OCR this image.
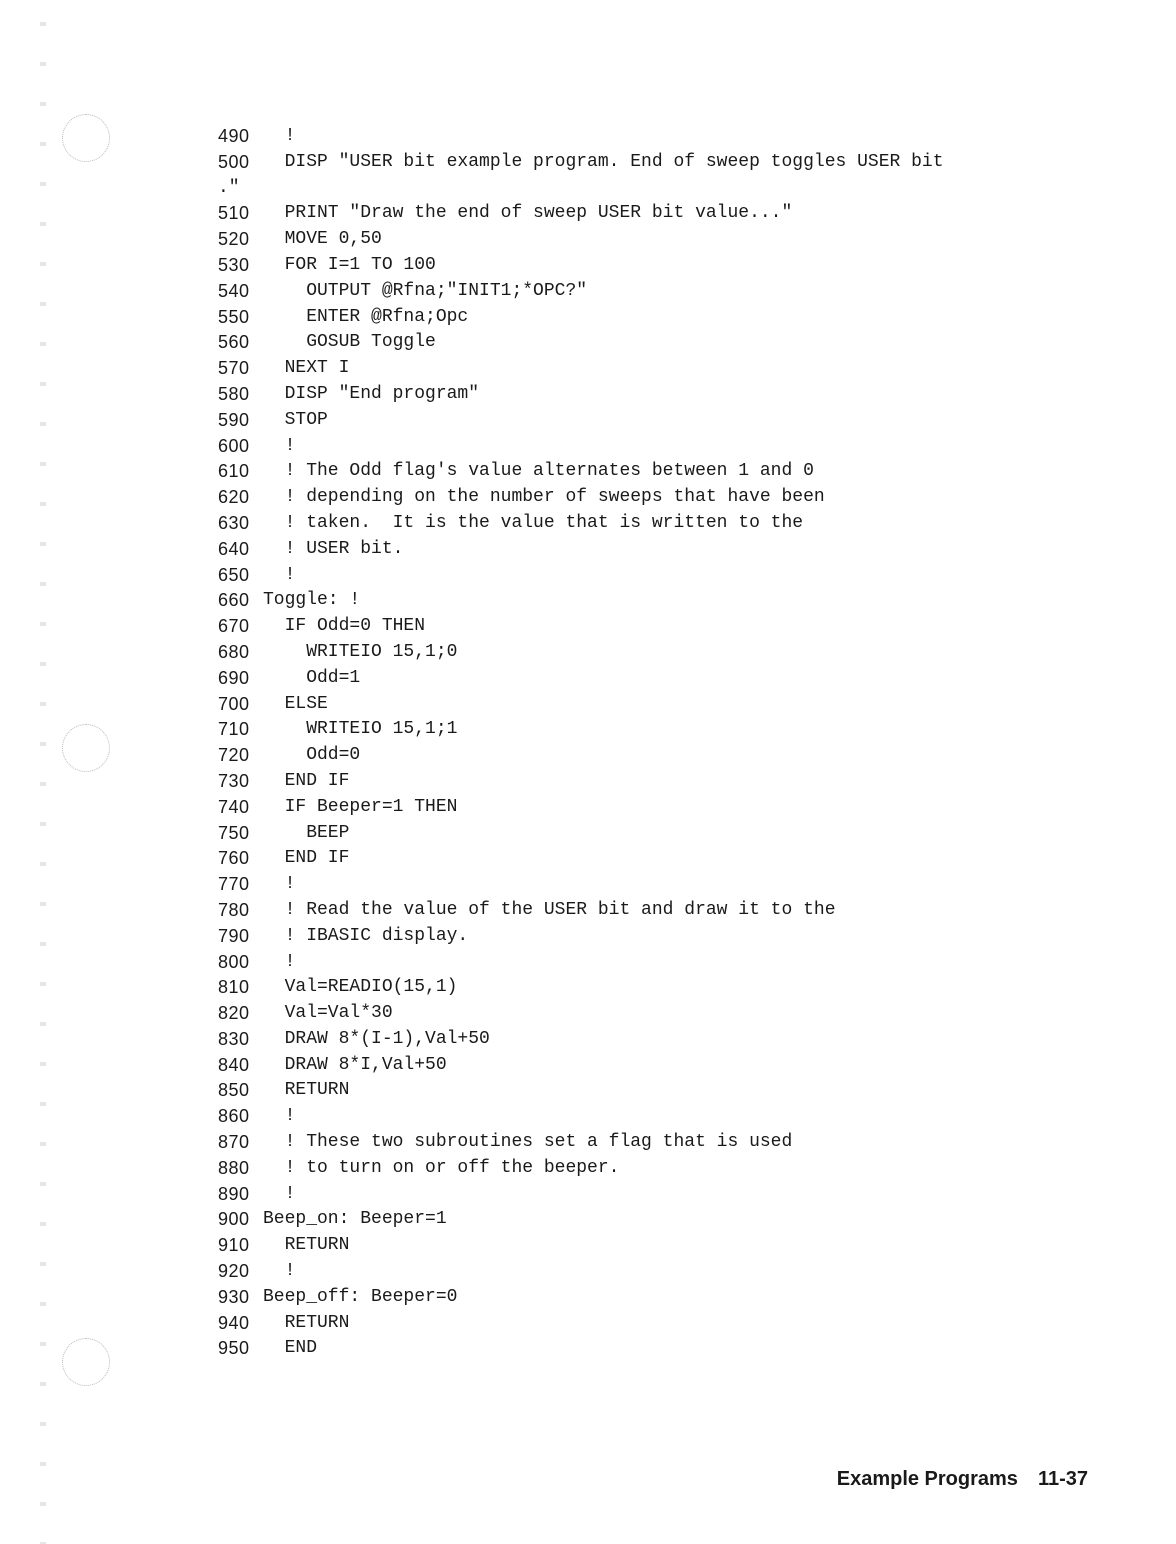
490 !
500 DISP "USER bit example program. End of sweep toggles USER bit
."
510 PRINT "Draw the end of sweep USER bit value..."
520 MOVE 0,50
530 FOR I=1 TO 100
540 OUTPUT @Rfna;"INIT1;*OPC?"
550 ENTER @Rfna;Opc
560 GOSUB Toggle
570 NEXT I
580 DISP "End program"
590 STOP
600 !
610 ! The Odd flag's value alternates between 1 and 0
620 ! depending on the number of sweeps that have been
630 ! taken.  It is the value that is written to the
640 ! USER bit.
650 !
660 Toggle: !
670 IF Odd=0 THEN
680 WRITEIO 15,1;0
690 Odd=1
700 ELSE
710 WRITEIO 15,1;1
720 Odd=0
730 END IF
740 IF Beeper=1 THEN
750 BEEP
760 END IF
770 !
780 ! Read the value of the USER bit and draw it to the
790 ! IBASIC display.
800 !
810 Val=READIO(15,1)
820 Val=Val*30
830 DRAW 8*(I-1),Val+50
840 DRAW 8*I,Val+50
850 RETURN
860 !
870 ! These two subroutines set a flag that is used
880 ! to turn on or off the beeper.
890 !
900 Beep_on: Beeper=1
910 RETURN
920 !
930 Beep_off: Beeper=0
940 RETURN
950 END
Example Programs 11-37
